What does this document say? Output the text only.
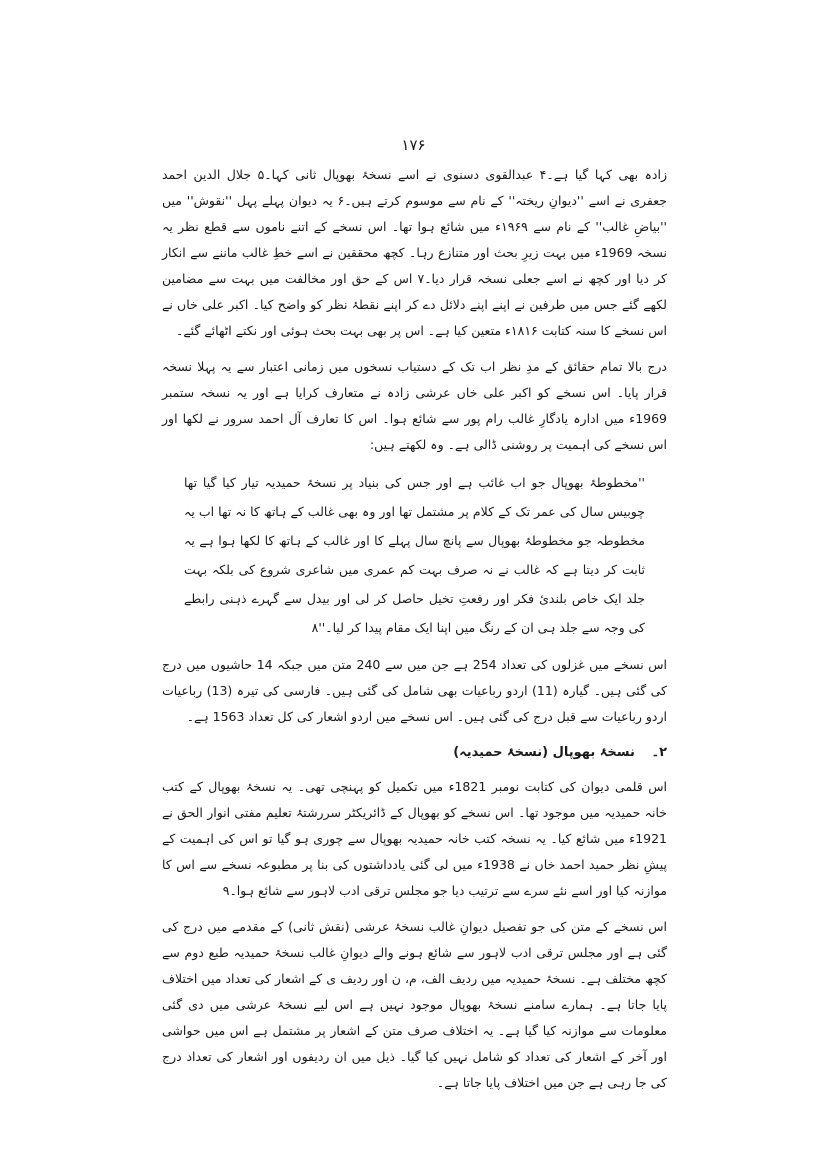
۱۷۶

زادہ بھی کہا گیا ہے۔۴ عبدالقوی دسنوی نے اسے نسخۂ بھوپال ثانی کہا۔۵ جلال الدین احمد جعفری نے اسے ''دیوانِ ریختہ'' کے نام سے موسوم کرتے ہیں۔۶ یہ دیوان پہلے پہل ''نقوش'' میں ''بیاضِ غالب'' کے نام سے ۱۹۶۹ء میں شائع ہوا تھا۔ اس نسخے کے اتنے ناموں سے قطع نظر یہ نسخہ 1969ء میں بہت زیرِ بحث اور متنازع رہا۔ کچھ محققین نے اسے خطِ غالب ماننے سے انکار کر دیا اور کچھ نے اسے جعلی نسخہ قرار دیا۔۷ اس کے حق اور مخالفت میں بہت سے مضامین لکھے گئے جس میں طرفین نے اپنے اپنے دلائل دے کر اپنے نقطۂ نظر کو واضح کیا۔ اکبر علی خاں نے اس نسخے کا سنہ کتابت ۱۸۱۶ء متعین کیا ہے۔ اس پر بھی بہت بحث ہوئی اور نکتے اٹھائے گئے۔

درج بالا تمام حقائق کے مدِ نظر اب تک کے دستیاب نسخوں میں زمانی اعتبار سے یہ پہلا نسخہ قرار پایا۔ اس نسخے کو اکبر علی خاں عرشی زادہ نے متعارف کرایا ہے اور یہ نسخہ ستمبر 1969ء میں ادارہ یادگارِ غالب رام پور سے شائع ہوا۔ اس کا تعارف آل احمد سرور نے لکھا اور اس نسخے کی اہمیت پر روشنی ڈالی ہے۔ وہ لکھتے ہیں:

''مخطوطۂ بھوپال جو اب غائب ہے اور جس کی بنیاد پر نسخۂ حمیدیہ تیار کیا گیا تھا چوبیس سال کی عمر تک کے کلام پر مشتمل تھا اور وہ بھی غالب کے ہاتھ کا نہ تھا اب یہ مخطوطہ جو مخطوطۂ بھوپال سے پانچ سال پہلے کا اور غالب کے ہاتھ کا لکھا ہوا ہے یہ ثابت کر دیتا ہے کہ غالب نے نہ صرف بہت کم عمری میں شاعری شروع کی بلکہ بہت جلد ایک خاص بلندیٔ فکر اور رفعتِ تخیل حاصل کر لی اور بیدل سے گہرے ذہنی رابطے کی وجہ سے جلد ہی ان کے رنگ میں اپنا ایک مقام پیدا کر لیا۔''۸

اس نسخے میں غزلوں کی تعداد 254 ہے جن میں سے 240 متن میں جبکہ 14 حاشیوں میں درج کی گئی ہیں۔ گیارہ (11) اردو رباعیات بھی شامل کی گئی ہیں۔ فارسی کی تیرہ (13) رباعیات اردو رباعیات سے قبل درج کی گئی ہیں۔ اس نسخے میں اردو اشعار کی کل تعداد 1563 ہے۔

۲۔ نسخۂ بھوپال (نسخۂ حمیدیہ)

اس قلمی دیوان کی کتابت نومبر 1821ء میں تکمیل کو پہنچی تھی۔ یہ نسخۂ بھوپال کے کتب خانہ حمیدیہ میں موجود تھا۔ اس نسخے کو بھوپال کے ڈائریکٹر سررشتۂ تعلیم مفتی انوار الحق نے 1921ء میں شائع کیا۔ یہ نسخہ کتب خانہ حمیدیہ بھوپال سے چوری ہو گیا تو اس کی اہمیت کے پیشِ نظر حمید احمد خاں نے 1938ء میں لی گئی یادداشتوں کی بنا پر مطبوعہ نسخے سے اس کا موازنہ کیا اور اسے نئے سرے سے ترتیب دیا جو مجلس ترقی ادب لاہور سے شائع ہوا۔۹

اس نسخے کے متن کی جو تفصیل دیوانِ غالب نسخۂ عرشی (نقش ثانی) کے مقدمے میں درج کی گئی ہے اور مجلس ترقی ادب لاہور سے شائع ہونے والے دیوانِ غالب نسخۂ حمیدیہ طبع دوم سے کچھ مختلف ہے۔ نسخۂ حمیدیہ میں ردیف الف، م، ن اور ردیف ی کے اشعار کی تعداد میں اختلاف پایا جاتا ہے۔ ہمارے سامنے نسخۂ بھوپال موجود نہیں ہے اس لیے نسخۂ عرشی میں دی گئی معلومات سے موازنہ کیا گیا ہے۔ یہ اختلاف صرف متن کے اشعار پر مشتمل ہے اس میں حواشی اور آخر کے اشعار کی تعداد کو شامل نہیں کیا گیا۔ ذیل میں ان ردیفوں اور اشعار کی تعداد درج کی جا رہی ہے جن میں اختلاف پایا جاتا ہے۔
